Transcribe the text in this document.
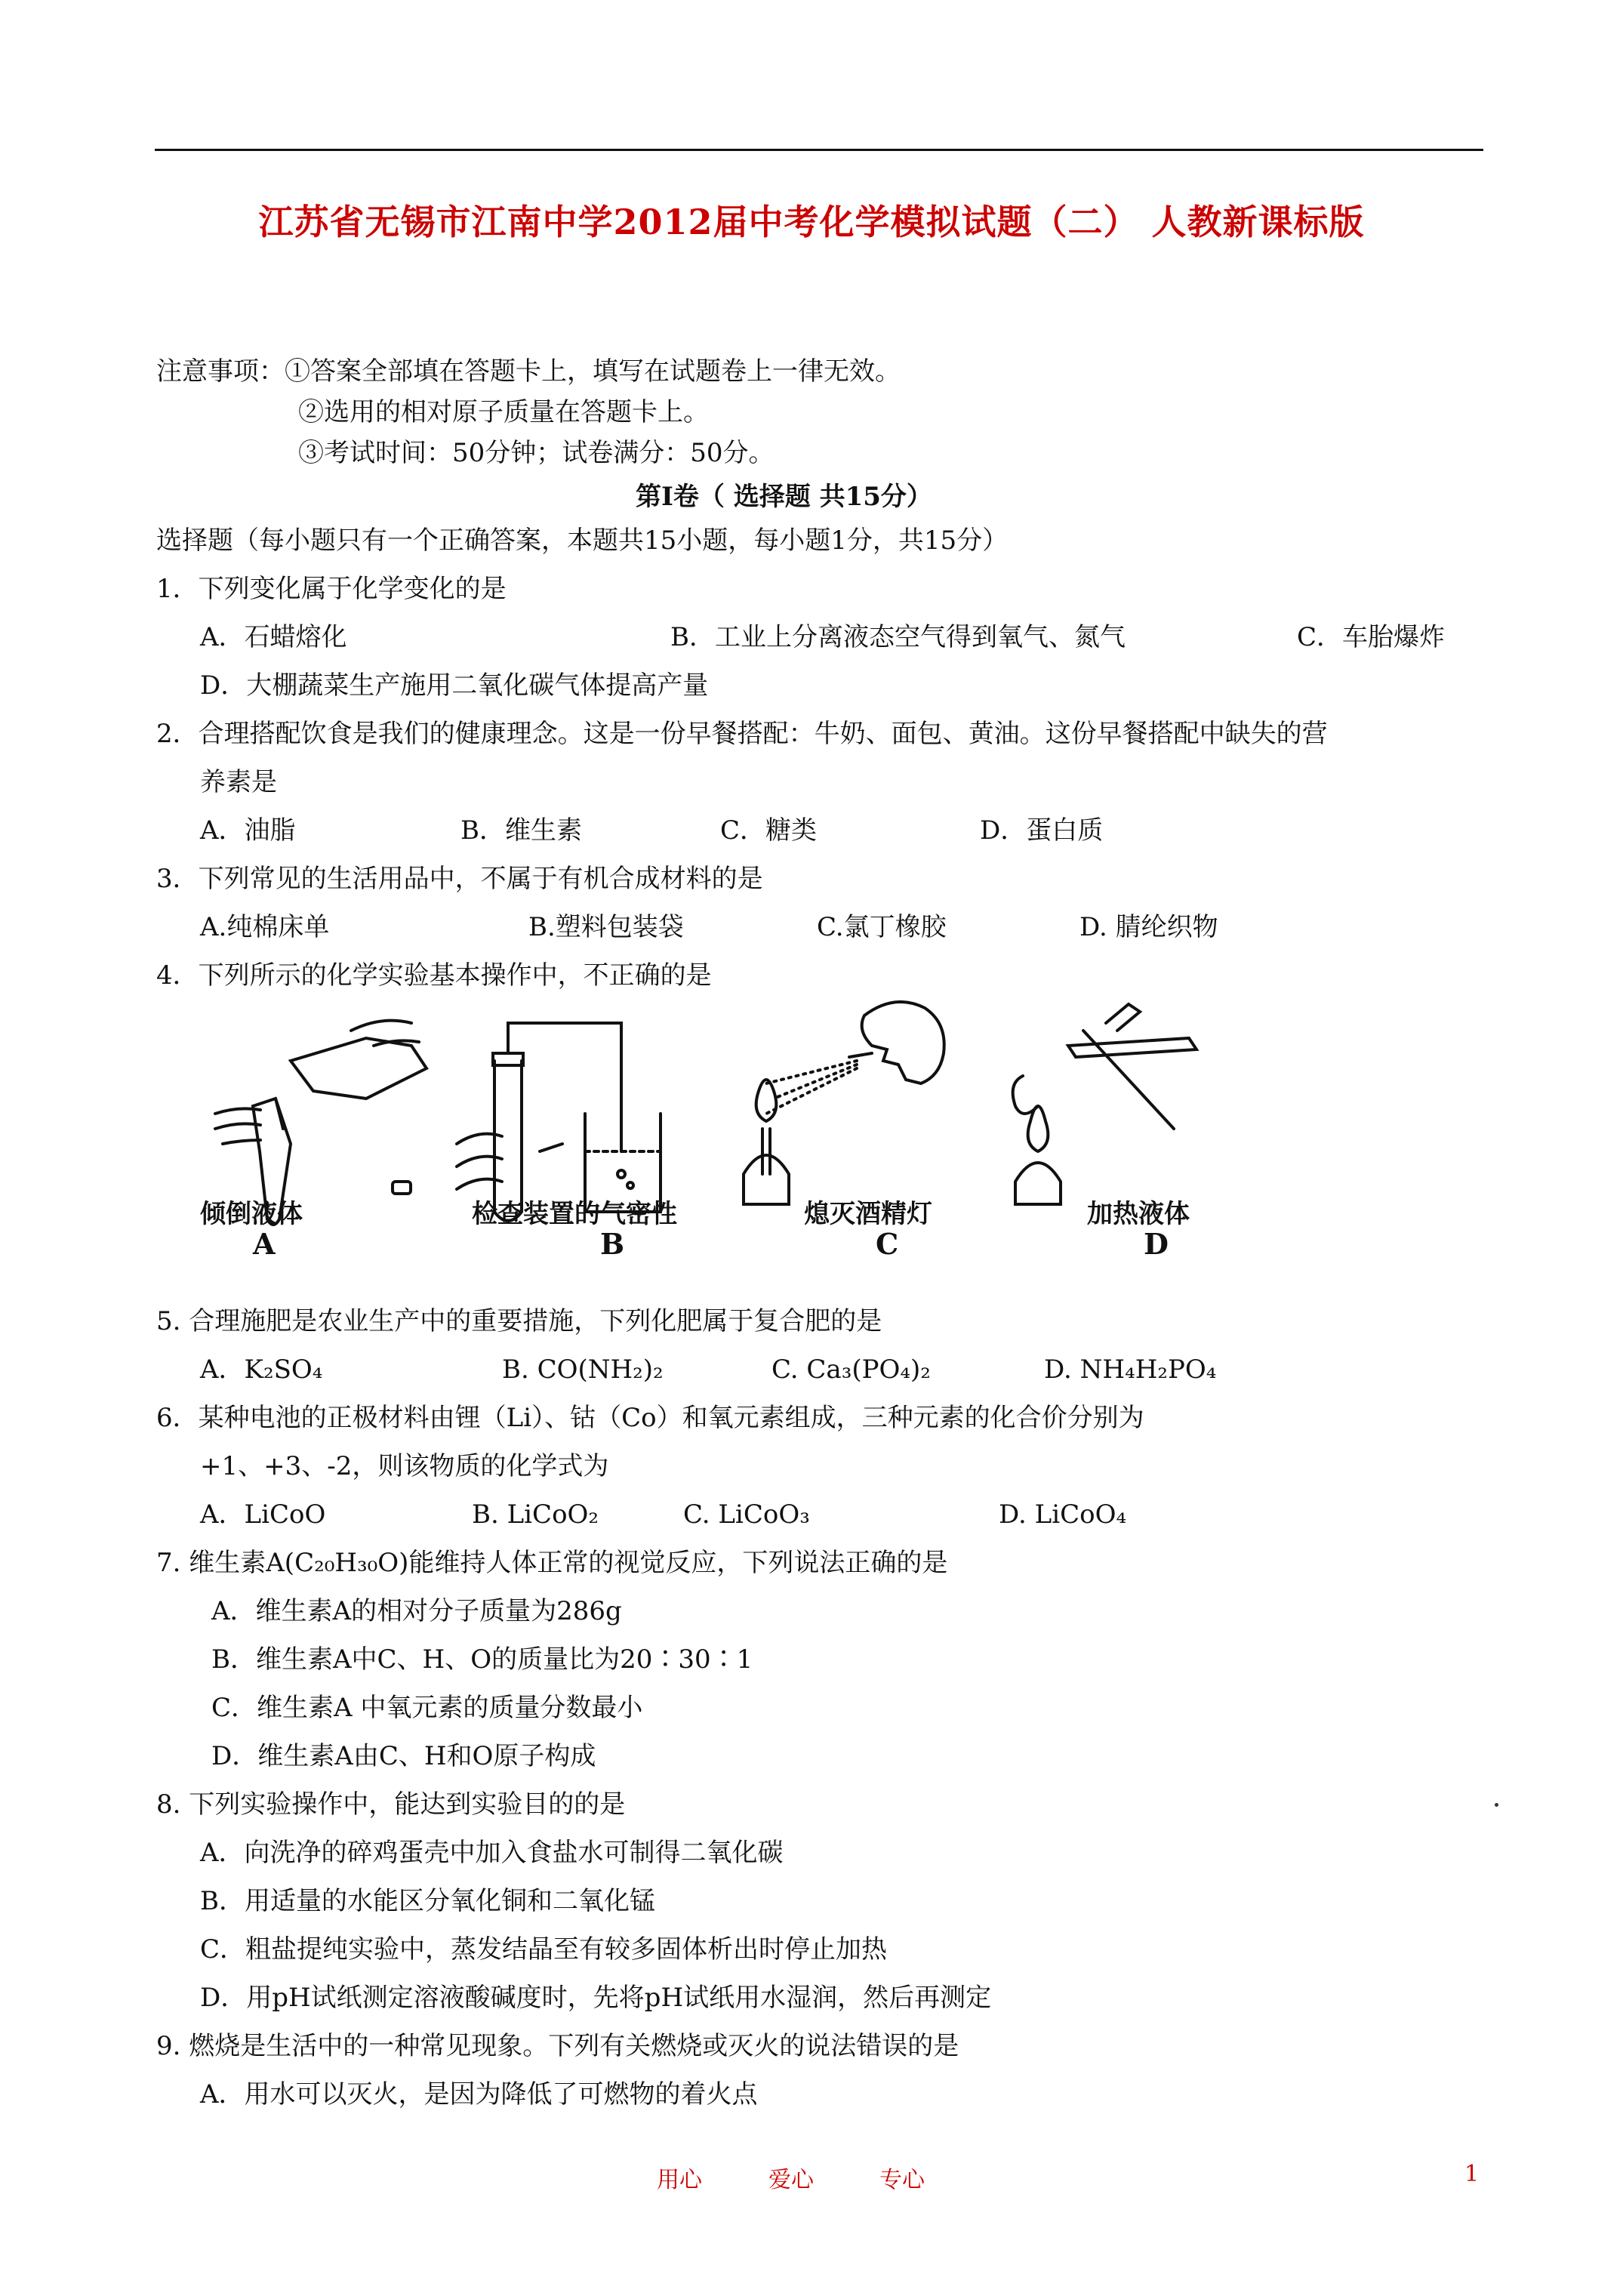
江苏省无锡市江南中学2012届中考化学模拟试题（二） 人教新课标版
注意事项：①答案全部填在答题卡上，填写在试题卷上一律无效。
②选用的相对原子质量在答题卡上。
③考试时间：50分钟；试卷满分：50分。
第Ⅰ卷（ 选择题 共15分）
选择题（每小题只有一个正确答案，本题共15小题，每小题1分，共15分）
1．下列变化属于化学变化的是
A．石蜡熔化	B．工业上分离液态空气得到氧气、氮气	C．车胎爆炸
D．大棚蔬菜生产施用二氧化碳气体提高产量
2．合理搭配饮食是我们的健康理念。这是一份早餐搭配：牛奶、面包、黄油。这份早餐搭配中缺失的营
养素是
A．油脂	B．维生素	C．糖类	D．蛋白质
3．下列常见的生活用品中，不属于有机合成材料的是
A.纯棉床单	B.塑料包装袋	C.氯丁橡胶	D. 腈纶织物
4．下列所示的化学实验基本操作中，不正确的是
倾倒液体
A
检查装置的气密性
B
熄灭酒精灯
C
加热液体
D
5. 合理施肥是农业生产中的重要措施，下列化肥属于复合肥的是
A．K₂SO₄	B. CO(NH₂)₂	C. Ca₃(PO₄)₂	D. NH₄H₂PO₄
6．某种电池的正极材料由锂（Li）、钴（Co）和氧元素组成，三种元素的化合价分别为
+1、+3、-2，则该物质的化学式为
A．LiCoO	B. LiCoO₂	C. LiCoO₃	D. LiCoO₄
7. 维生素A(C₂₀H₃₀O)能维持人体正常的视觉反应，下列说法正确的是
A．维生素A的相对分子质量为286g
B．维生素A中C、H、O的质量比为20∶30∶1
C．维生素A 中氧元素的质量分数最小
D．维生素A由C、H和O原子构成
8. 下列实验操作中，能达到实验目的的是
A．向洗净的碎鸡蛋壳中加入食盐水可制得二氧化碳
B．用适量的水能区分氧化铜和二氧化锰
C．粗盐提纯实验中，蒸发结晶至有较多固体析出时停止加热
D．用pH试纸测定溶液酸碱度时，先将pH试纸用水湿润，然后再测定
9. 燃烧是生活中的一种常见现象。下列有关燃烧或灭火的说法错误的是
A．用水可以灭火，是因为降低了可燃物的着火点
用心	爱心	专心	1
